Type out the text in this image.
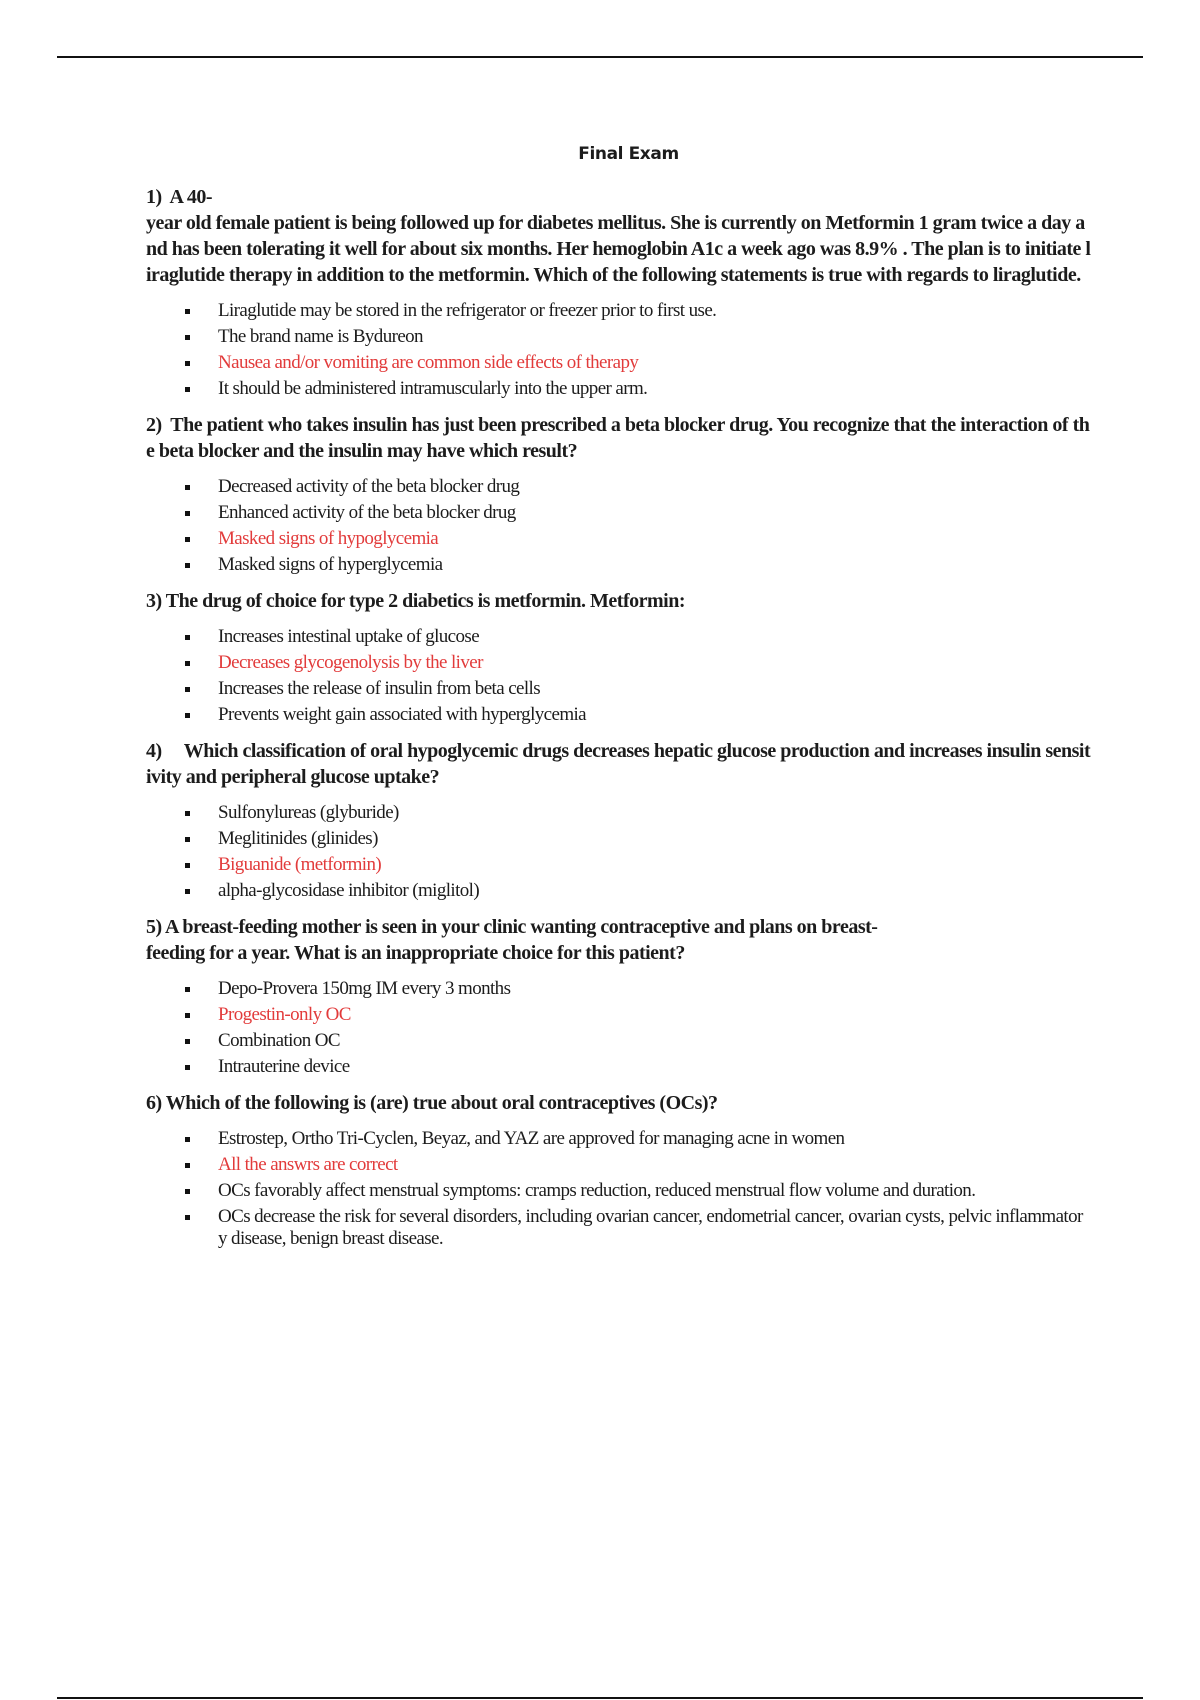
Final Exam

1)  A 40-
year old female patient is being followed up for diabetes mellitus. She is currently on Metformin 1 gram twice a day and has been tolerating it well for about six months. Her hemoglobin A1c a week ago was 8.9% . The plan is to initiate liraglutide therapy in addition to the metformin. Which of the following statements is true with regards to liraglutide.

Liraglutide may be stored in the refrigerator or freezer prior to first use.
The brand name is Bydureon
Nausea and/or vomiting are common side effects of therapy
It should be administered intramuscularly into the upper arm.

2)  The patient who takes insulin has just been prescribed a beta blocker drug. You recognize that the interaction of the beta blocker and the insulin may have which result?

Decreased activity of the beta blocker drug
Enhanced activity of the beta blocker drug
Masked signs of hypoglycemia
Masked signs of hyperglycemia

3) The drug of choice for type 2 diabetics is metformin. Metformin:

Increases intestinal uptake of glucose
Decreases glycogenolysis by the liver
Increases the release of insulin from beta cells
Prevents weight gain associated with hyperglycemia

4)     Which classification of oral hypoglycemic drugs decreases hepatic glucose production and increases insulin sensitivity and peripheral glucose uptake?

Sulfonylureas (glyburide)
Meglitinides (glinides)
Biguanide (metformin)
alpha-glycosidase inhibitor (miglitol)

5) A breast-feeding mother is seen in your clinic wanting contraceptive and plans on breast-
feeding for a year. What is an inappropriate choice for this patient?

Depo-Provera 150mg IM every 3 months
Progestin-only OC
Combination OC
Intrauterine device

6) Which of the following is (are) true about oral contraceptives (OCs)?

Estrostep, Ortho Tri-Cyclen, Beyaz, and YAZ are approved for managing acne in women
All the answrs are correct
OCs favorably affect menstrual symptoms: cramps reduction, reduced menstrual flow volume and duration.
OCs decrease the risk for several disorders, including ovarian cancer, endometrial cancer, ovarian cysts, pelvic inflammatory disease, benign breast disease.
